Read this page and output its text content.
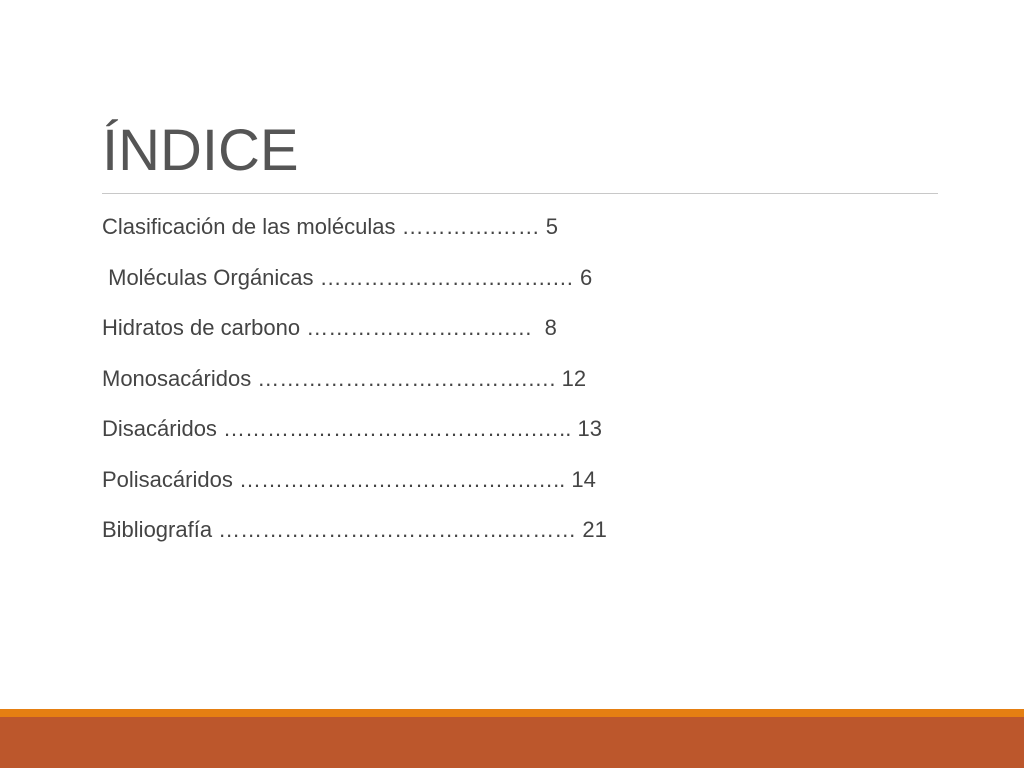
ÍNDICE
Clasificación de las moléculas ………….…… 5
Moléculas Orgánicas …………………….…….… 6
Hidratos de carbono ……………………….…  8
Monosacáridos ……………………………….…. 12
Disacáridos …………………………………….….. 13
Polisacáridos ………………………………….….. 14
Bibliografía ………………………………….……… 21
